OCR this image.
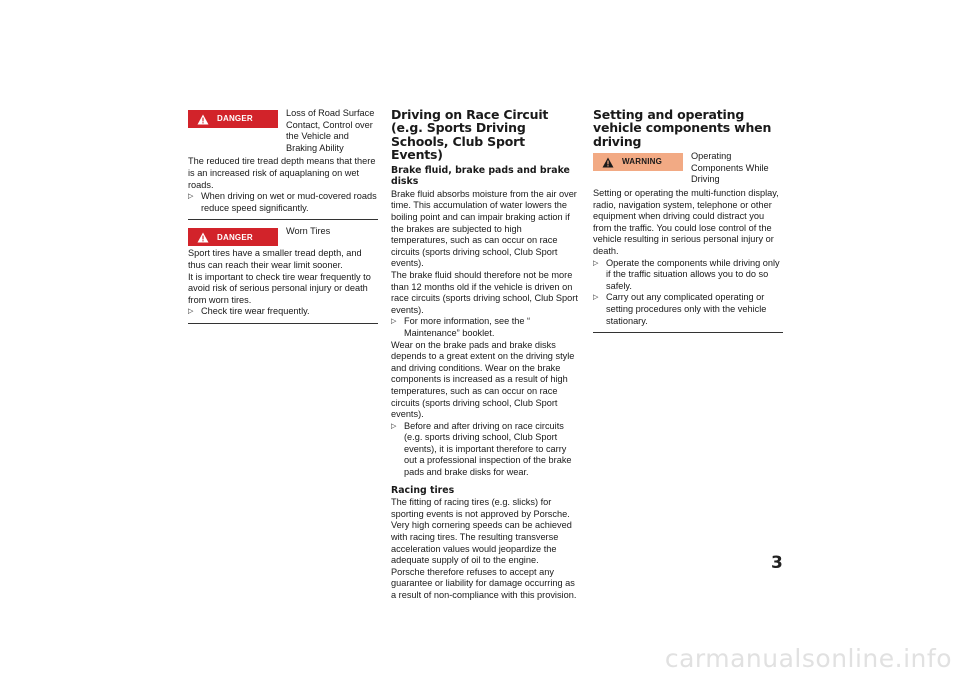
DANGER
Loss of Road Surface Contact, Control over the Vehicle and Braking Ability

The reduced tire tread depth means that there is an increased risk of aquaplaning on wet roads.

▷ When driving on wet or mud-covered roads reduce speed significantly.
DANGER
Worn Tires

Sport tires have a smaller tread depth, and thus can reach their wear limit sooner.

It is important to check tire wear frequently to avoid risk of serious personal injury or death from worn tires.

▷ Check tire wear frequently.
Driving on Race Circuit (e.g. Sports Driving Schools, Club Sport Events)
Brake fluid, brake pads and brake disks

Brake fluid absorbs moisture from the air over time. This accumulation of water lowers the boiling point and can impair braking action if the brakes are subjected to high temperatures, such as can occur on race circuits (sports driving school, Club Sport events).

The brake fluid should therefore not be more than 12 months old if the vehicle is driven on race circuits (sports driving school, Club Sport events).

▷ For more information, see the “ Maintenance” booklet.

Wear on the brake pads and brake disks depends to a great extent on the driving style and driving conditions. Wear on the brake components is increased as a result of high temperatures, such as can occur on race circuits (sports driving school, Club Sport events).

▷ Before and after driving on race circuits (e.g. sports driving school, Club Sport events), it is important therefore to carry out a professional inspection of the brake pads and brake disks for wear.
Racing tires

The fitting of racing tires (e.g. slicks) for sporting events is not approved by Porsche.

Very high cornering speeds can be achieved with racing tires. The resulting transverse acceleration values would jeopardize the adequate supply of oil to the engine.

Porsche therefore refuses to accept any guarantee or liability for damage occurring as a result of non-compliance with this provision.

Setting and operating vehicle components when driving
WARNING
Operating Components While Driving

Setting or operating the multi-function display, radio, navigation system, telephone or other equipment when driving could distract you from the traffic. You could lose control of the vehicle resulting in serious personal injury or death.

▷ Operate the components while driving only if the traffic situation allows you to do so safely.
▷ Carry out any complicated operating or setting procedures only with the vehicle stationary.
3
carmanualsonline.info
